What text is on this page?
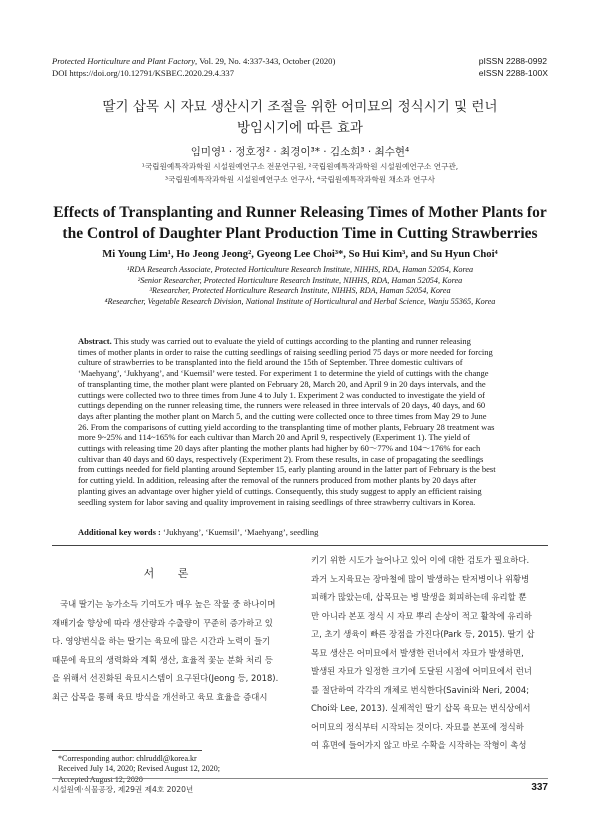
Protected Horticulture and Plant Factory, Vol. 29, No. 4:337-343, October (2020)
DOI https://doi.org/10.12791/KSBEC.2020.29.4.337
pISSN 2288-0992
eISSN 2288-100X
딸기 삽목 시 자묘 생산시기 조절을 위한 어미묘의 정식시기 및 런너
방임시기에 따른 효과
임미영¹ · 정호정² · 최경이³* · 김소희³ · 최수현⁴
¹국립원예특작과학원 시설원예연구소 전문연구원, ²국립원예특작과학원 시설원예연구소 연구관,
³국립원예특작과학원 시설원예연구소 연구사, ⁴국립원예특작과학원 채소과 연구사
Effects of Transplanting and Runner Releasing Times of Mother Plants for
the Control of Daughter Plant Production Time in Cutting Strawberries
Mi Young Lim¹, Ho Jeong Jeong², Gyeong Lee Choi³*, So Hui Kim³, and Su Hyun Choi⁴
¹RDA Research Associate, Protected Horticulture Research Institute, NIHHS, RDA, Haman 52054, Korea
²Senior Researcher, Protected Horticulture Research Institute, NIHHS, RDA, Haman 52054, Korea
³Researcher, Protected Horticulture Research Institute, NIHHS, RDA, Haman 52054, Korea
⁴Researcher, Vegetable Research Division, National Institute of Horticultural and Herbal Science, Wanju 55365, Korea
Abstract. This study was carried out to evaluate the yield of cuttings according to the planting and runner releasing
times of mother plants in order to raise the cutting seedlings of raising seedling period 75 days or more needed for forcing
culture of strawberries to be transplanted into the field around the 15th of September. Three domestic cultivars of
‘Maehyang’, ‘Jukhyang’, and ‘Kuemsil’ were tested. For experiment 1 to determine the yield of cuttings with the change
of transplanting time, the mother plant were planted on February 28, March 20, and April 9 in 20 days intervals, and the
cuttings were collected two to three times from June 4 to July 1. Experiment 2 was conducted to investigate the yield of
cuttings depending on the runner releasing time, the runners were released in three intervals of 20 days, 40 days, and 60
days after planting the mother plant on March 5, and the cutting were collected once to three times from May 29 to June
26. From the comparisons of cutting yield according to the transplanting time of mother plants, February 28 treatment was
more 9~25% and 114~165% for each cultivar than March 20 and April 9, respectively (Experiment 1). The yield of
cuttings with releasing time 20 days after planting the mother plants had higher by 60～77% and 104～176% for each
cultivar than 40 days and 60 days, respectively (Experiment 2). From these results, in case of propagating the seedlings
from cuttings needed for field planting around September 15, early planting around in the latter part of February is the best
for cutting yield. In addition, releasing after the removal of the runners produced from mother plants by 20 days after
planting gives an advantage over higher yield of cuttings. Consequently, this study suggest to apply an efficient raising
seedling system for labor saving and quality improvement in raising seedlings of three strawberry cultivars in Korea.
Additional key words : ‘Jukhyang’, ‘Kuemsil’, ‘Maehyang’, seedling
서 론
국내 딸기는 농가소득 기여도가 매우 높은 작물 중 하나이며
재배기술 향상에 따라 생산량과 수출량이 꾸준히 증가하고 있
다. 영양번식을 하는 딸기는 육묘에 많은 시간과 노력이 들기
때문에 육묘의 생력화와 계획 생산, 효율적 꽃눈 분화 처리 등
을 위해서 선진화된 육묘시스템이 요구된다(Jeong 등, 2018).
최근 삽목을 통해 육묘 방식을 개선하고 육묘 효율을 증대시
키기 위한 시도가 늘어나고 있어 이에 대한 검토가 필요하다.
과거 노지육묘는 장마철에 많이 발생하는 탄저병이나 위황병
피해가 많았는데, 삽목묘는 병 발생을 회피하는데 유리할 뿐
만 아니라 본포 정식 시 자묘 뿌리 손상이 적고 활착에 유리하
고, 초기 생육이 빠른 장점을 가진다(Park 등, 2015). 딸기 삽
목묘 생산은 어미묘에서 발생한 런너에서 자묘가 발생하면,
발생된 자묘가 일정한 크기에 도달된 시점에 어미묘에서 런너
를 절단하여 각각의 개체로 번식한다(Savini와 Neri, 2004;
Choi와 Lee, 2013). 실제적인 딸기 삽목 육묘는 번식상에서
어미묘의 정식부터 시작되는 것이다. 자묘를 본포에 정식하
여 휴면에 들어가지 않고 바로 수확을 시작하는 작형이 촉성
*Corresponding author: chlruddl@korea.kr
Received July 14, 2020; Revised August 12, 2020;
Accepted August 12, 2020
시설원예·식물공장, 제29권 제4호 2020년	337
